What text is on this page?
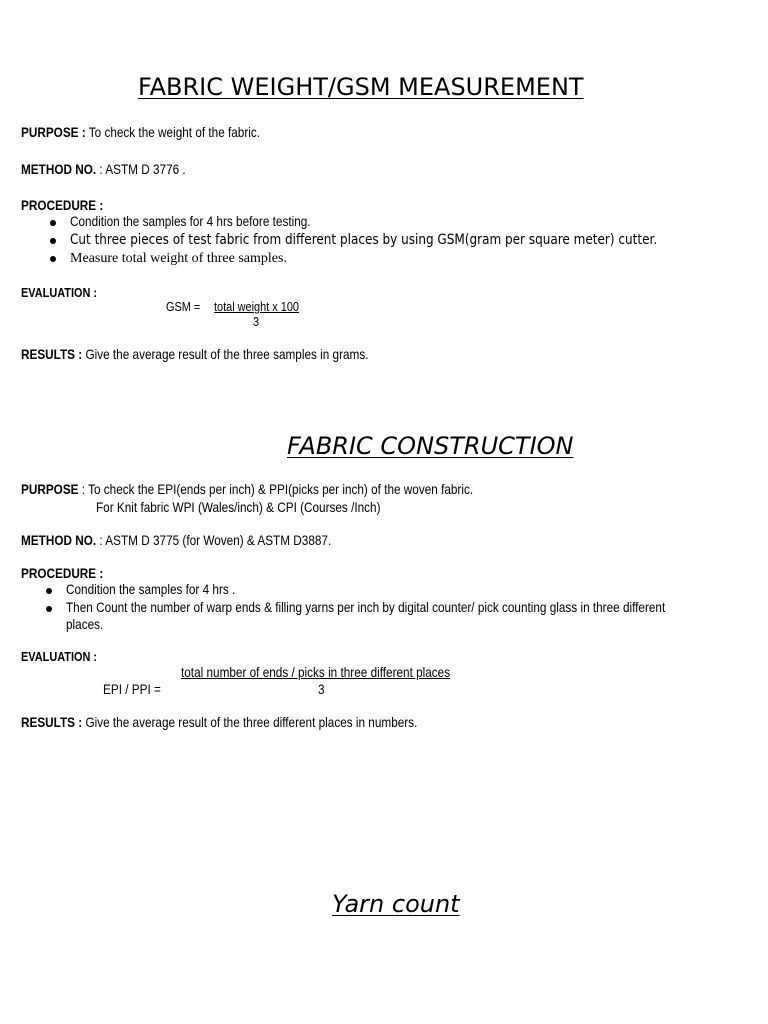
FABRIC WEIGHT/GSM MEASUREMENT
PURPOSE : To check the weight of the fabric.
METHOD NO. : ASTM D 3776 .
PROCEDURE :
Condition the samples for 4 hrs before testing.
Cut three pieces of test fabric from different places by using GSM(gram per square meter) cutter.
Measure total weight of three samples.
EVALUATION :
GSM = total weight x 100
3
RESULTS : Give the average result of the three samples in grams.
FABRIC CONSTRUCTION
PURPOSE : To check the EPI(ends per inch) & PPI(picks per inch) of the woven fabric.
For Knit fabric WPI (Wales/inch) & CPI (Courses /Inch)
METHOD NO. : ASTM D 3775 (for Woven) & ASTM D3887.
PROCEDURE :
Condition the samples for 4 hrs .
Then Count the number of warp ends & filling yarns per inch by digital counter/ pick counting glass in three different
places.
EVALUATION :
total number of ends / picks in three different places
EPI / PPI =	3
RESULTS : Give the average result of the three different places in numbers.
Yarn count
